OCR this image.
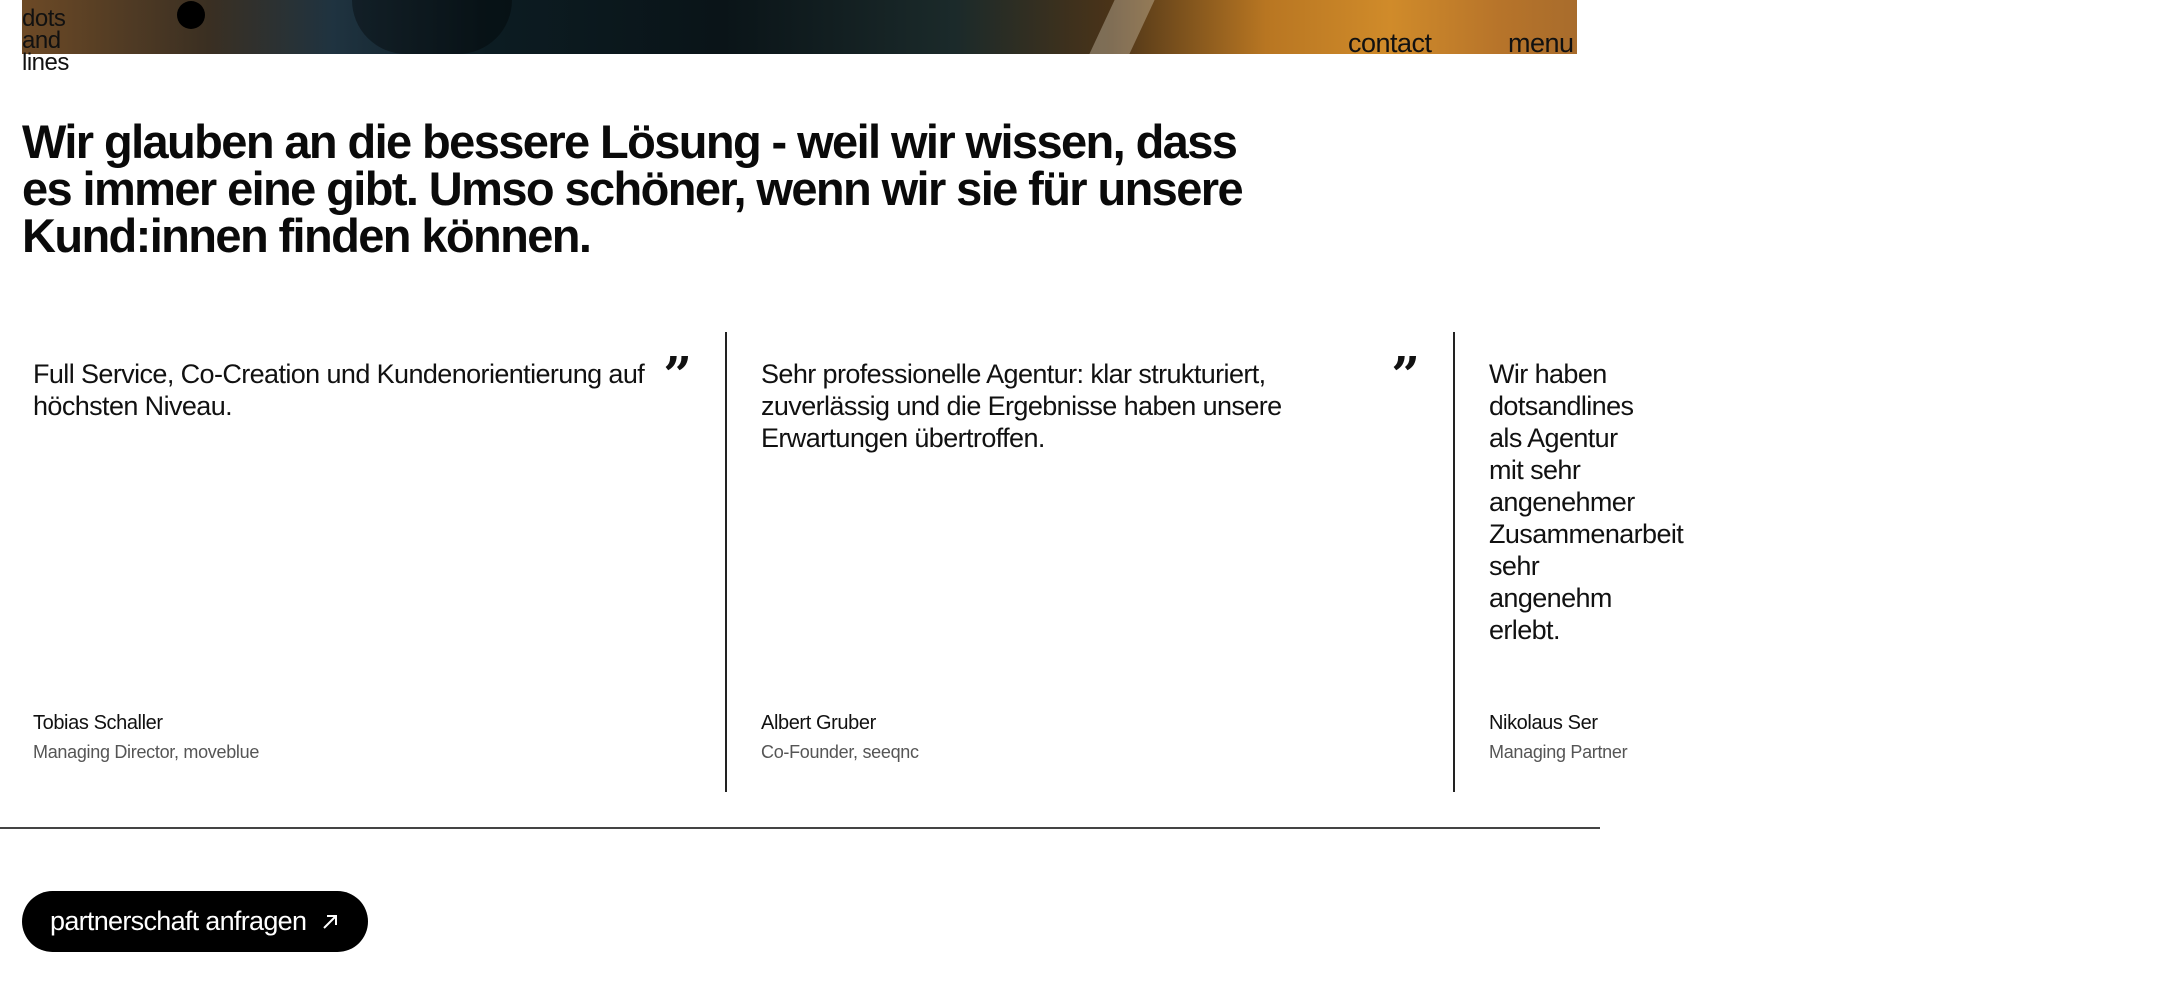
dots
and
lines
contact	menu
Wir glauben an die bessere Lösung - weil wir wissen, dass es immer eine gibt. Umso schöner, wenn wir sie für unsere Kund:innen finden können.

Full Service, Co-Creation und Kundenorientierung auf höchsten Niveau.

”
Tobias Schaller
Managing Director, moveblue

Sehr professionelle Agentur: klar strukturiert, zuverlässig und die Ergebnisse haben unsere Erwartungen übertroffen.

”
Albert Gruber
Co-Founder, seeqnc

Wir haben dotsandlines als Agentur mit sehr angenehmer Zusammenarbeit sehr angenehm erlebt.

Nikolaus Ser
Managing Partner
partnerschaft anfragen
